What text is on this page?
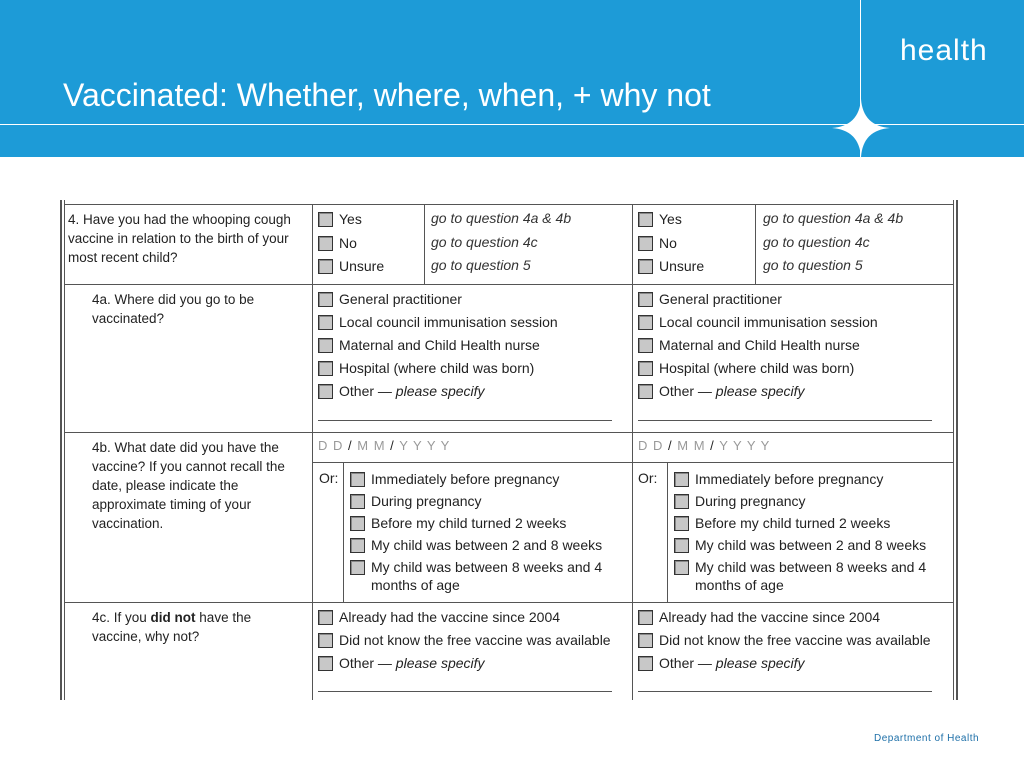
Vaccinated: Whether, where, when, + why not
health
4. Have you had the whooping cough vaccine in relation to the birth of your most recent child?
4a. Where did you go to be vaccinated?
4b. What date did you have the vaccine? If you cannot recall the date, please indicate the approximate timing of your vaccination.
4c. If you did not have the vaccine, why not?
Yes
No
Unsure
go to question 4a & 4b
go to question 4c
go to question 5
Yes
No
Unsure
go to question 4a & 4b
go to question 4c
go to question 5
General practitioner
Local council immunisation session
Maternal and Child Health nurse
Hospital (where child was born)
Other —
please specify
General practitioner
Local council immunisation session
Maternal and Child Health nurse
Hospital (where child was born)
Other —
please specify
D D / M M / Y Y Y Y	D D / M M / Y Y Y Y
Or: Immediately before pregnancy
During pregnancy
Before my child turned 2 weeks
My child was between 2 and 8 weeks
My child was between 8 weeks and 4 months of age
Or:	Immediately before pregnancy
During pregnancy
Before my child turned 2 weeks
My child was between 2 and 8 weeks
My child was between 8 weeks and 4 months of age
Already had the vaccine since 2004
Did not know the free vaccine was available
Other —
please specify
Already had the vaccine since 2004
Did not know the free vaccine was available
Other —
please specify
Department of Health
